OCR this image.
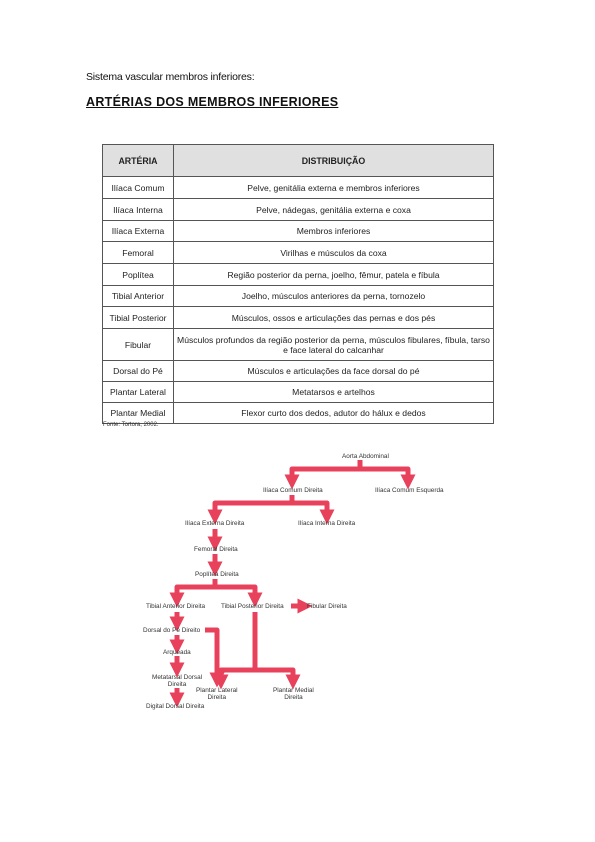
Sistema vascular membros inferiores:
ARTÉRIAS DOS MEMBROS INFERIORES
ARTÉRIA	DISTRIBUIÇÃO
Ilíaca Comum	Pelve, genitália externa e membros inferiores
Ilíaca Interna	Pelve, nádegas, genitália externa e coxa
Ilíaca Externa	Membros inferiores
Femoral	Virilhas e músculos da coxa
Poplítea	Região posterior da perna, joelho, fêmur, patela e fíbula
Tibial Anterior	Joelho, músculos anteriores da perna, tornozelo
Tibial Posterior	Músculos, ossos e articulações das pernas e dos pés
Fibular	Músculos profundos da região posterior da perna, músculos fibulares, fíbula, tarso e face lateral do calcanhar
Dorsal do Pé	Músculos e articulações da face dorsal do pé
Plantar Lateral	Metatarsos e artelhos
Plantar Medial	Flexor curto dos dedos, adutor do hálux e dedos
Fonte: Tortora, 2002.
Aorta Abdominal
Ilíaca Comum Direita	Ilíaca Comum Esquerda
Ilíaca Externa Direita	Ilíaca Interna Direita
Femoral Direita
Poplítea Direita
Tibial Anterior Direita Tibial Posterior Direita	Fibular Direita
Dorsal do Pé Direito
Arqueada
Metatarsal Dorsal
Direita
Digital Dorsal Direita
Plantar Lateral
Direita
Plantar Medial
Direita
